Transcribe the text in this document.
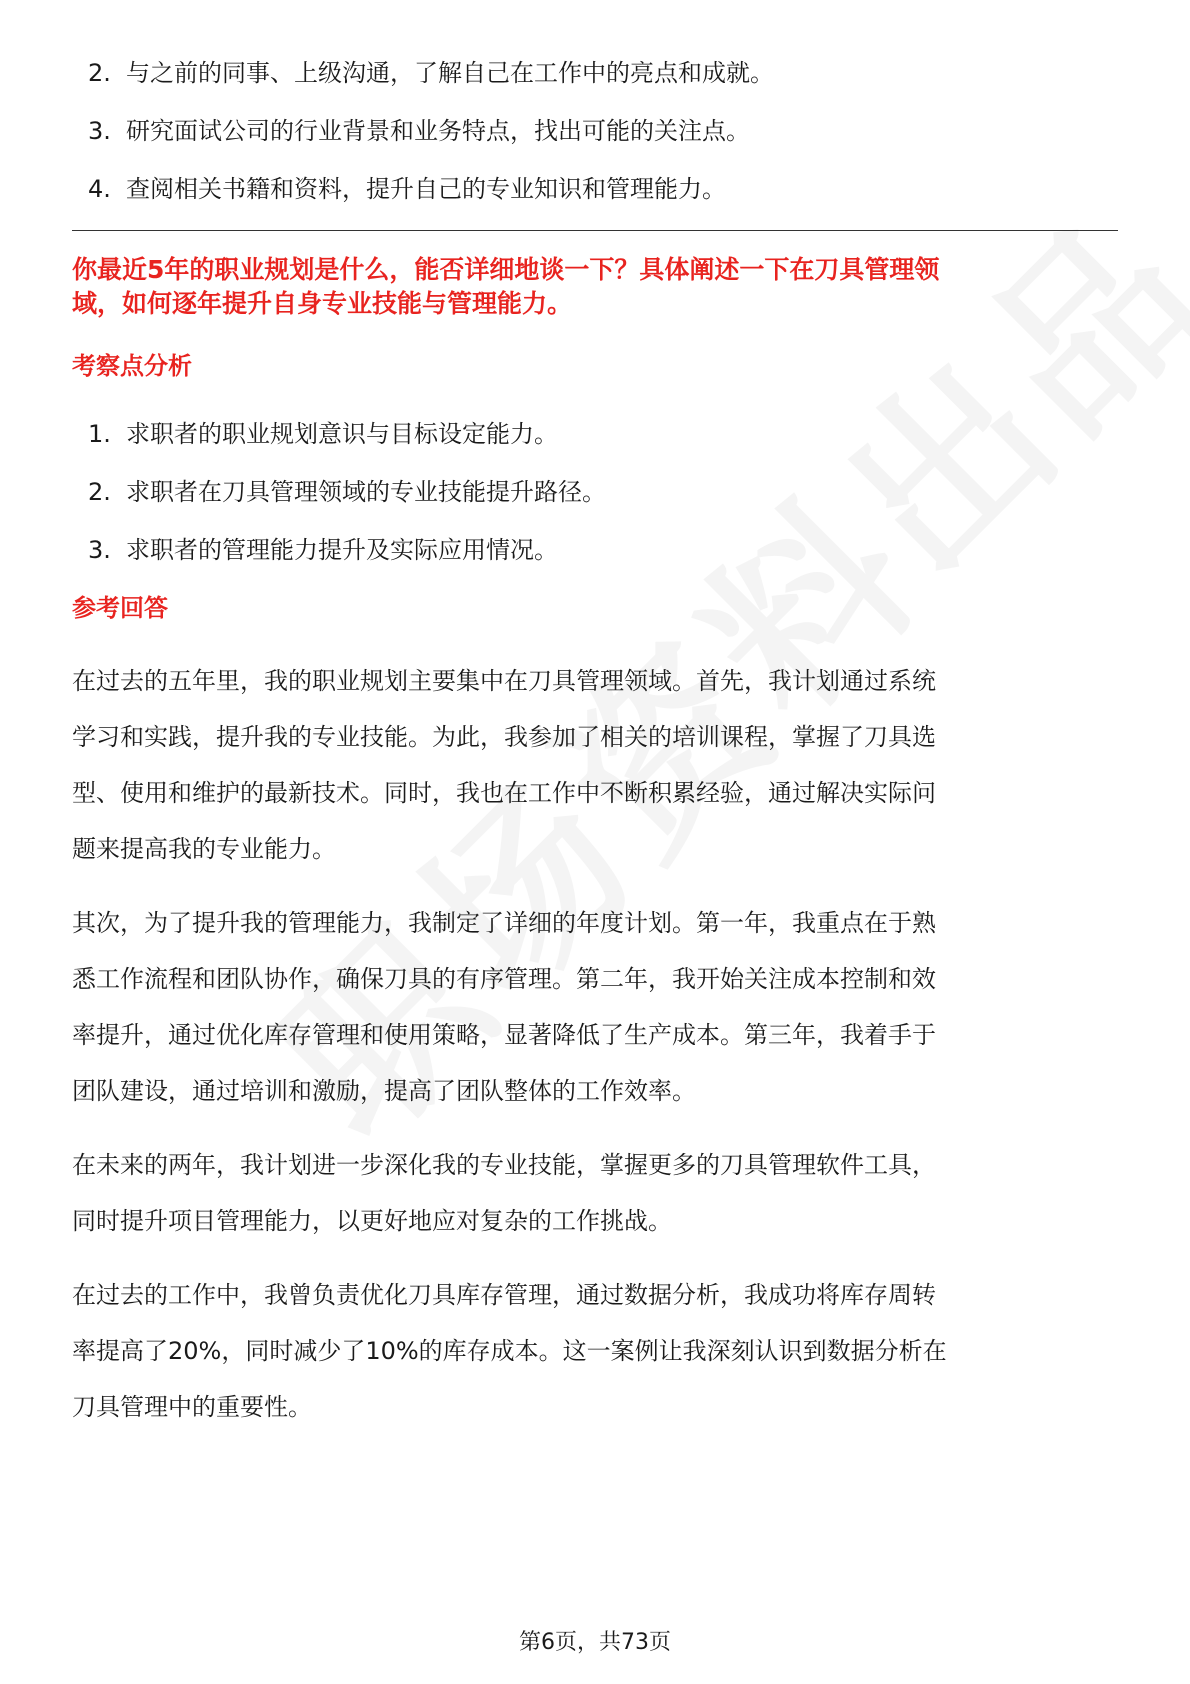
2. 与之前的同事、上级沟通，了解自己在工作中的亮点和成就。
3. 研究面试公司的行业背景和业务特点，找出可能的关注点。
4. 查阅相关书籍和资料，提升自己的专业知识和管理能力。
你最近5年的职业规划是什么，能否详细地谈一下？具体阐述一下在刀具管理领
域，如何逐年提升自身专业技能与管理能力。
考察点分析
1. 求职者的职业规划意识与目标设定能力。
2. 求职者在刀具管理领域的专业技能提升路径。
3. 求职者的管理能力提升及实际应用情况。
参考回答

在过去的五年里，我的职业规划主要集中在刀具管理领域。首先，我计划通过系统
学习和实践，提升我的专业技能。为此，我参加了相关的培训课程，掌握了刀具选
型、使用和维护的最新技术。同时，我也在工作中不断积累经验，通过解决实际问
题来提高我的专业能力。

其次，为了提升我的管理能力，我制定了详细的年度计划。第一年，我重点在于熟
悉工作流程和团队协作，确保刀具的有序管理。第二年，我开始关注成本控制和效
率提升，通过优化库存管理和使用策略，显著降低了生产成本。第三年，我着手于
团队建设，通过培训和激励，提高了团队整体的工作效率。

在未来的两年，我计划进一步深化我的专业技能，掌握更多的刀具管理软件工具，
同时提升项目管理能力，以更好地应对复杂的工作挑战。

在过去的工作中，我曾负责优化刀具库存管理，通过数据分析，我成功将库存周转
率提高了20%，同时减少了10%的库存成本。这一案例让我深刻认识到数据分析在
刀具管理中的重要性。

第6页，共73页
